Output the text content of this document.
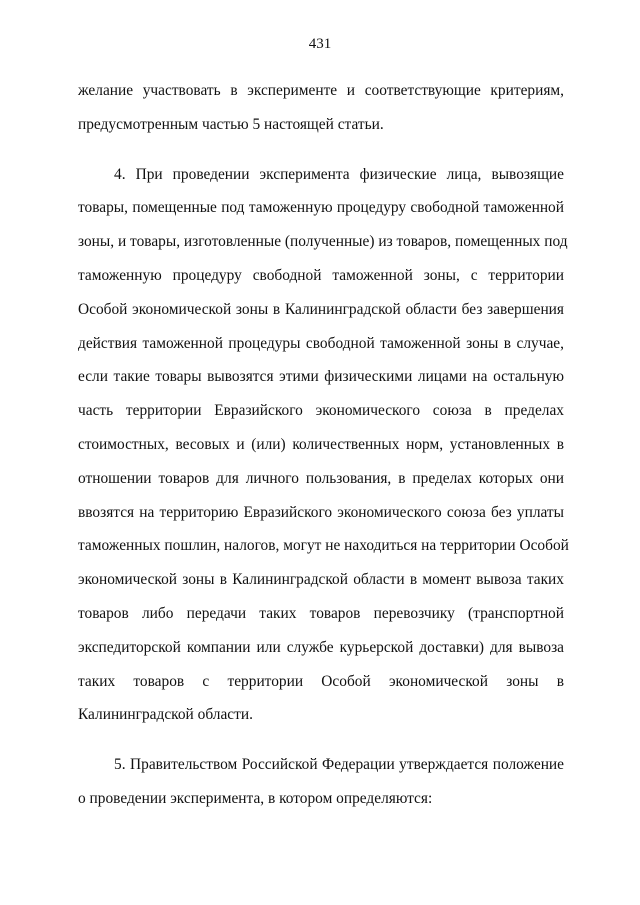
431
желание участвовать в эксперименте и соответствующие критериям,
предусмотренным частью 5 настоящей статьи.
4. При проведении эксперимента физические лица, вывозящие
товары, помещенные под таможенную процедуру свободной таможенной
зоны, и товары, изготовленные (полученные) из товаров, помещенных под
таможенную процедуру свободной таможенной зоны, с территории
Особой экономической зоны в Калининградской области без завершения
действия таможенной процедуры свободной таможенной зоны в случае,
если такие товары вывозятся этими физическими лицами на остальную
часть территории Евразийского экономического союза в пределах
стоимостных, весовых и (или) количественных норм, установленных в
отношении товаров для личного пользования, в пределах которых они
ввозятся на территорию Евразийского экономического союза без уплаты
таможенных пошлин, налогов, могут не находиться на территории Особой
экономической зоны в Калининградской области в момент вывоза таких
товаров либо передачи таких товаров перевозчику (транспортной
экспедиторской компании или службе курьерской доставки) для вывоза
таких товаров с территории Особой экономической зоны в
Калининградской области.
5. Правительством Российской Федерации утверждается положение
о проведении эксперимента, в котором определяются:
